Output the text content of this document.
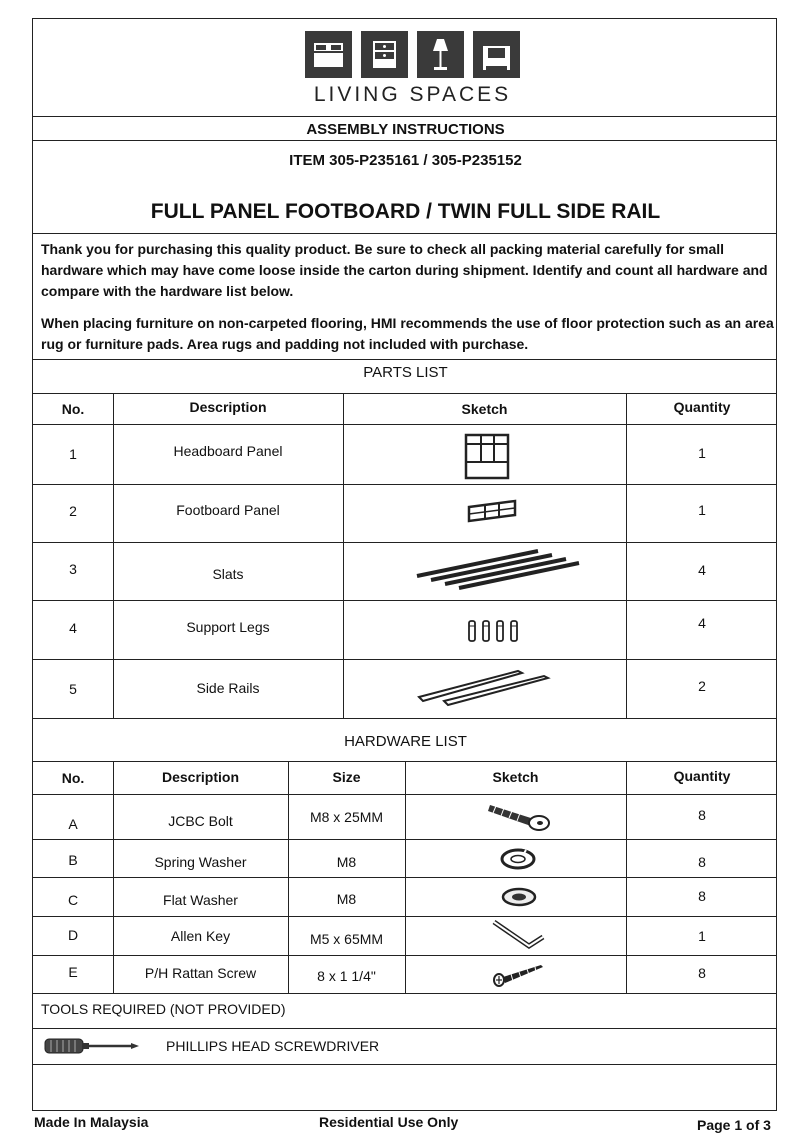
LIVING SPACES
ASSEMBLY INSTRUCTIONS
ITEM 305-P235161 / 305-P235152
FULL PANEL FOOTBOARD / TWIN FULL SIDE RAIL
Thank you for purchasing this quality product. Be sure to check all packing material carefully for small hardware which may have come loose inside the carton during shipment. Identify and count all hardware and compare with the hardware list below.
When placing furniture on non-carpeted flooring, HMI recommends the use of floor protection such as an area rug or furniture pads. Area rugs and padding not included with purchase.
PARTS LIST
No.	Description	Sketch	Quantity
1	Headboard Panel	1
2	Footboard Panel	1
3	Slats	4
4	Support Legs	4
5	Side Rails	2
HARDWARE LIST
No.	Description	Size	Sketch	Quantity
A	JCBC Bolt	M8 x 25MM	8
B	Spring Washer	M8	8
C	Flat Washer	M8	8
D	Allen Key	M5 x 65MM	1
E	P/H Rattan Screw	8 x 1 1/4"	8
TOOLS REQUIRED (NOT PROVIDED)
PHILLIPS HEAD SCREWDRIVER
Made In Malaysia	Residential Use Only	Page 1 of 3
